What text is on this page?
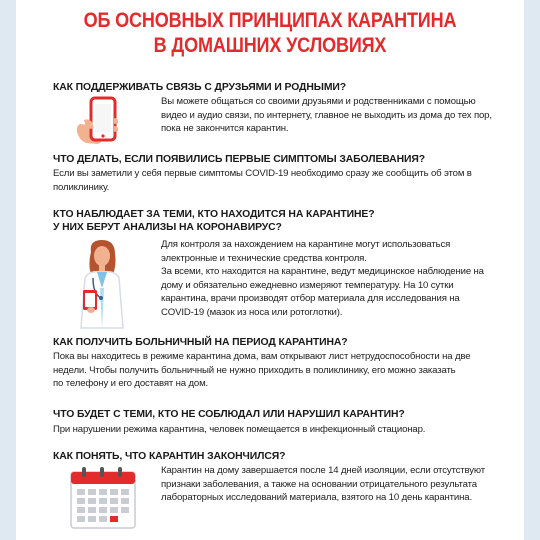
ОБ ОСНОВНЫХ ПРИНЦИПАХ КАРАНТИНА
В ДОМАШНИХ УСЛОВИЯХ
КАК ПОДДЕРЖИВАТЬ СВЯЗЬ С ДРУЗЬЯМИ И РОДНЫМИ?
Вы можете общаться со своими друзьями и родственниками с помощью
видео и аудио связи, по интернету, главное не выходить из дома до тех пор,
пока не закончится карантин.
ЧТО ДЕЛАТЬ, ЕСЛИ ПОЯВИЛИСЬ ПЕРВЫЕ СИМПТОМЫ ЗАБОЛЕВАНИЯ?
Если вы заметили у себя первые симптомы COVID-19 необходимо сразу же сообщить об этом в
поликлинику.
КТО НАБЛЮДАЕТ ЗА ТЕМИ, КТО НАХОДИТСЯ НА КАРАНТИНЕ?
У НИХ БЕРУТ АНАЛИЗЫ НА КОРОНАВИРУС?
Для контроля за нахождением на карантине могут использоваться
электронные и технические средства контроля.
За всеми, кто находится на карантине, ведут медицинское наблюдение на
дому и обязательно ежедневно измеряют температуру. На 10 сутки
карантина, врачи производят отбор материала для исследования на
COVID-19 (мазок из носа или ротоглотки).
КАК ПОЛУЧИТЬ БОЛЬНИЧНЫЙ НА ПЕРИОД КАРАНТИНА?
Пока вы находитесь в режиме карантина дома, вам открывают лист нетрудоспособности на две
недели. Чтобы получить больничный не нужно приходить в поликлинику, его можно заказать
по телефону и его доставят на дом.
ЧТО БУДЕТ С ТЕМИ, КТО НЕ СОБЛЮДАЛ ИЛИ НАРУШИЛ КАРАНТИН?
При нарушении режима карантина, человек помещается в инфекционный стационар.
КАК ПОНЯТЬ, ЧТО КАРАНТИН ЗАКОНЧИЛСЯ?
Карантин на дому завершается после 14 дней изоляции, если отсутствуют
признаки заболевания, а также на основании отрицательного результата
лабораторных исследований материала, взятого на 10 день карантина.
